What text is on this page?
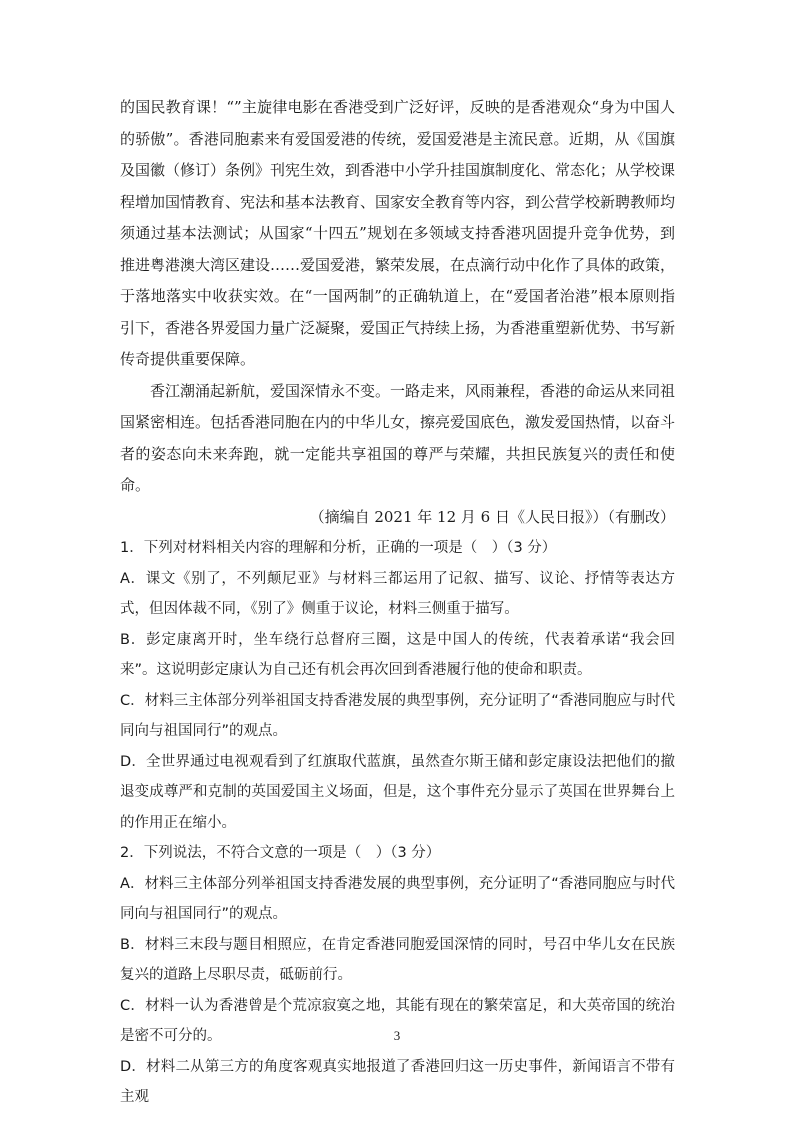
的国民教育课！“”主旋律电影在香港受到广泛好评，反映的是香港观众“身为中国人的骄傲”。香港同胞素来有爱国爱港的传统，爱国爱港是主流民意。近期，从《国旗及国徽（修订）条例》刊宪生效，到香港中小学升挂国旗制度化、常态化；从学校课程增加国情教育、宪法和基本法教育、国家安全教育等内容，到公营学校新聘教师均须通过基本法测试；从国家“十四五”规划在多领域支持香港巩固提升竞争优势，到推进粤港澳大湾区建设……爱国爱港，繁荣发展，在点滴行动中化作了具体的政策，于落地落实中收获实效。在“一国两制”的正确轨道上，在“爱国者治港”根本原则指引下，香港各界爱国力量广泛凝聚，爱国正气持续上扬，为香港重塑新优势、书写新传奇提供重要保障。

香江潮涌起新航，爱国深情永不变。一路走来，风雨兼程，香港的命运从来同祖国紧密相连。包括香港同胞在内的中华儿女，擦亮爱国底色，激发爱国热情，以奋斗者的姿态向未来奔跑，就一定能共享祖国的尊严与荣耀，共担民族复兴的责任和使命。

（摘编自 2021 年 12 月 6 日《人民日报》）（有删改）

1．下列对材料相关内容的理解和分析，正确的一项是（　）（3 分）

A．课文《别了，不列颠尼亚》与材料三都运用了记叙、描写、议论、抒情等表达方式，但因体裁不同，《别了》侧重于议论，材料三侧重于描写。

B．彭定康离开时，坐车绕行总督府三圈，这是中国人的传统，代表着承诺“我会回来”。这说明彭定康认为自己还有机会再次回到香港履行他的使命和职责。

C．材料三主体部分列举祖国支持香港发展的典型事例，充分证明了“香港同胞应与时代同向与祖国同行”的观点。

D．全世界通过电视观看到了红旗取代蓝旗，虽然查尔斯王储和彭定康设法把他们的撤退变成尊严和克制的英国爱国主义场面，但是，这个事件充分显示了英国在世界舞台上的作用正在缩小。

2．下列说法，不符合文意的一项是（　）（3 分）

A．材料三主体部分列举祖国支持香港发展的典型事例，充分证明了“香港同胞应与时代同向与祖国同行”的观点。

B．材料三末段与题目相照应，在肯定香港同胞爱国深情的同时，号召中华儿女在民族复兴的道路上尽职尽责，砥砺前行。

C．材料一认为香港曾是个荒凉寂寞之地，其能有现在的繁荣富足，和大英帝国的统治是密不可分的。

D．材料二从第三方的角度客观真实地报道了香港回归这一历史事件，新闻语言不带有主观

3
